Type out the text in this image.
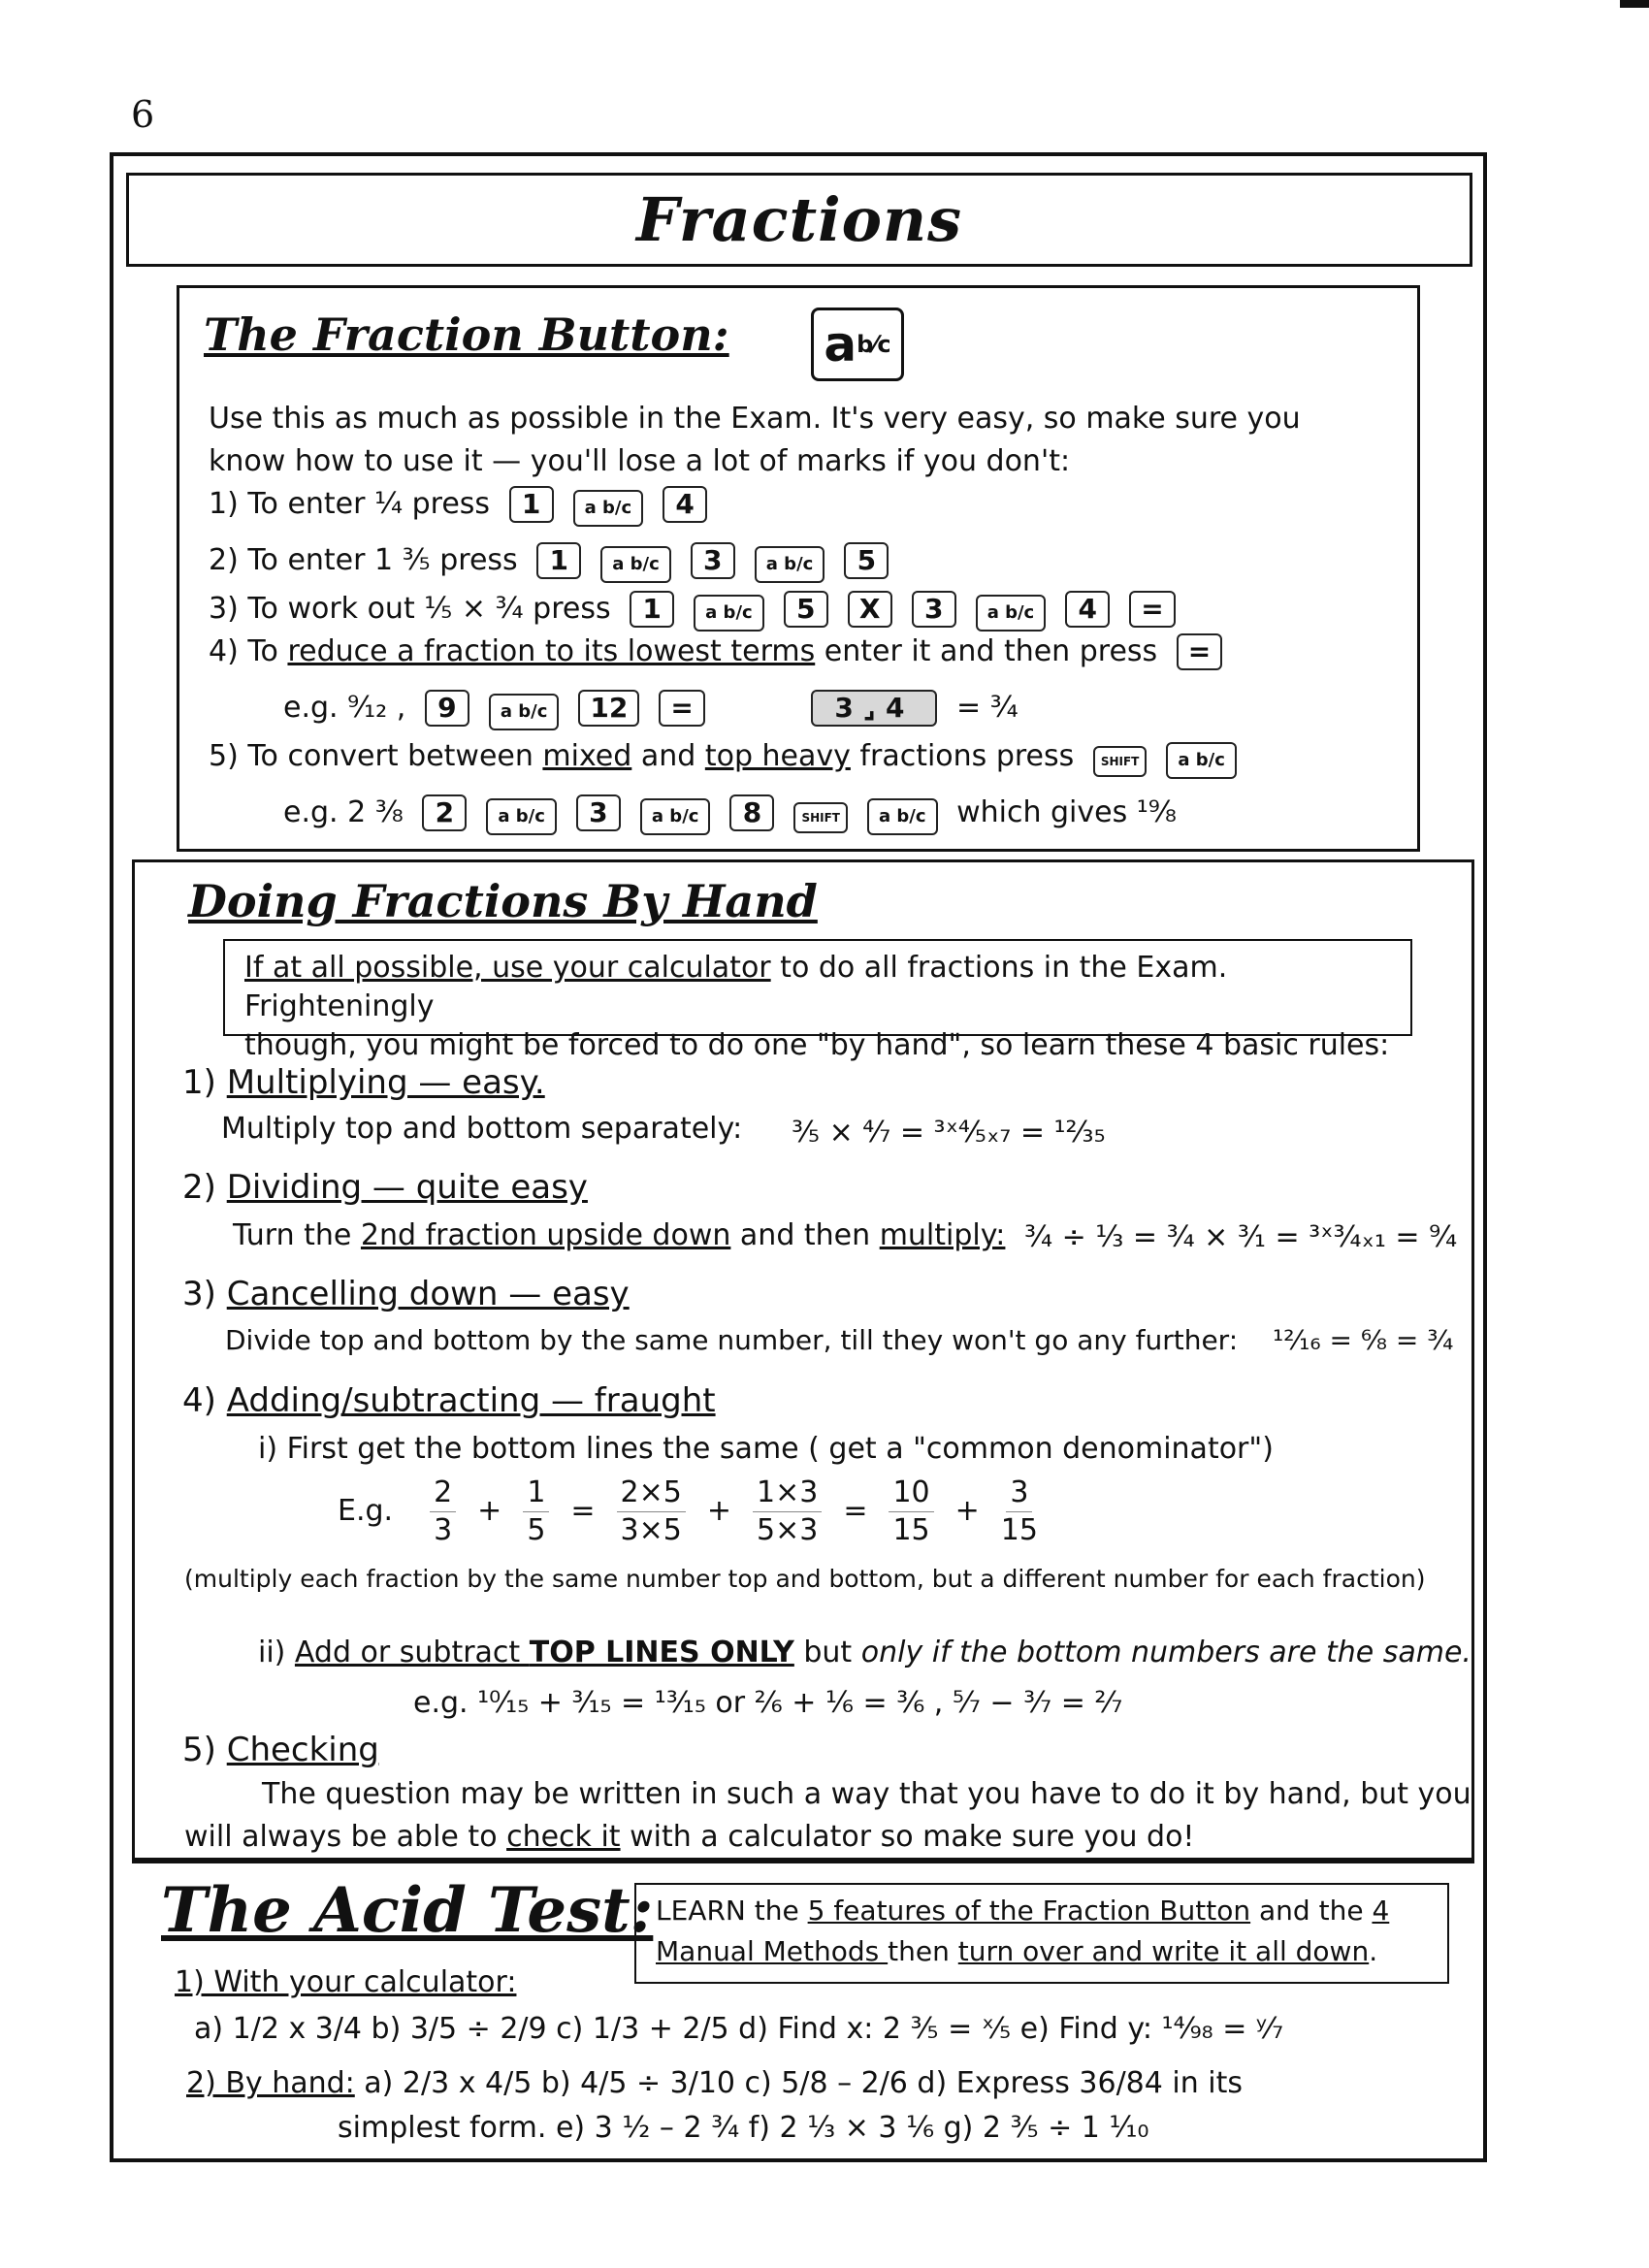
6
Fractions
The Fraction Button: a b⁄c
Use this as much as possible in the Exam. It's very easy, so make sure you
know how to use it — you'll lose a lot of marks if you don't:
1) To enter ¼ press 1	a b/c 4
2) To enter 1 ³⁄₅ press 1	a b/c 3	a b/c 5
3) To work out ⅕ × ¾ press 1	a b/c 5 X 3	a b/c 4 =
4) To reduce a fraction to its lowest terms enter it and then press =
e.g. ⁹⁄₁₂ , 9	a b/c 12 =	3⌟4 = ¾
5) To convert between mixed and top heavy fractions press SHIFT a b/c
e.g. 2 ³⁄₈ 2	a b/c 3	a b/c 8	SHIFT a b/c which gives ¹⁹⁄₈
Doing Fractions By Hand
If at all possible, use your calculator to do all fractions in the Exam. Frighteningly
though, you might be forced to do one "by hand", so learn these 4 basic rules:
1) Multiplying — easy.
Multiply top and bottom separately: ³⁄₅ × ⁴⁄₇ = ³ˣ⁴⁄₅ₓ₇ = ¹²⁄₃₅
2) Dividing — quite easy
Turn the 2nd fraction upside down and then multiply: ¾ ÷ ⅓ = ¾ × ³⁄₁ = ³ˣ³⁄₄ₓ₁ = ⁹⁄₄
3) Cancelling down — easy
Divide top and bottom by the same number, till they won't go any further: ¹²⁄₁₆ = ⁶⁄₈ = ¾
4) Adding/subtracting — fraught
i) First get the bottom lines the same ( get a "common denominator")
E.g. $\frac{2}{3} + \frac{1}{5} = \frac{2\times 5}{3\times 5} + \frac{1\times 3}{5\times 3} = \frac{10}{15} + \frac{3}{15}$
(multiply each fraction by the same number top and bottom, but a different number for each fraction)
ii) Add or subtract TOP LINES ONLY but only if the bottom numbers are the same.
e.g. ¹⁰⁄₁₅ + ³⁄₁₅ = ¹³⁄₁₅ or ²⁄₆ + ⅙ = ³⁄₆ , ⁵⁄₇ − ³⁄₇ = ²⁄₇
5) Checking
The question may be written in such a way that you have to do it by hand, but you
will always be able to check it with a calculator so make sure you do!
The Acid Test: LEARN the 5 features of the Fraction Button and the 4
Manual Methods then turn over and write it all down.
1) With your calculator:
a) 1/2 x 3/4 b) 3/5 ÷ 2/9 c) 1/3 + 2/5 d) Find x: 2 ³⁄₅ = ˣ⁄₅ e) Find y: ¹⁴⁄₉₈ = ʸ⁄₇
2) By hand: a) 2/3 x 4/5 b) 4/5 ÷ 3/10 c) 5/8 – 2/6 d) Express 36/84 in its
simplest form. e) 3 ½ – 2 ¾ f) 2 ⅓ × 3 ⅙ g) 2 ³⁄₅ ÷ 1 ⅒
